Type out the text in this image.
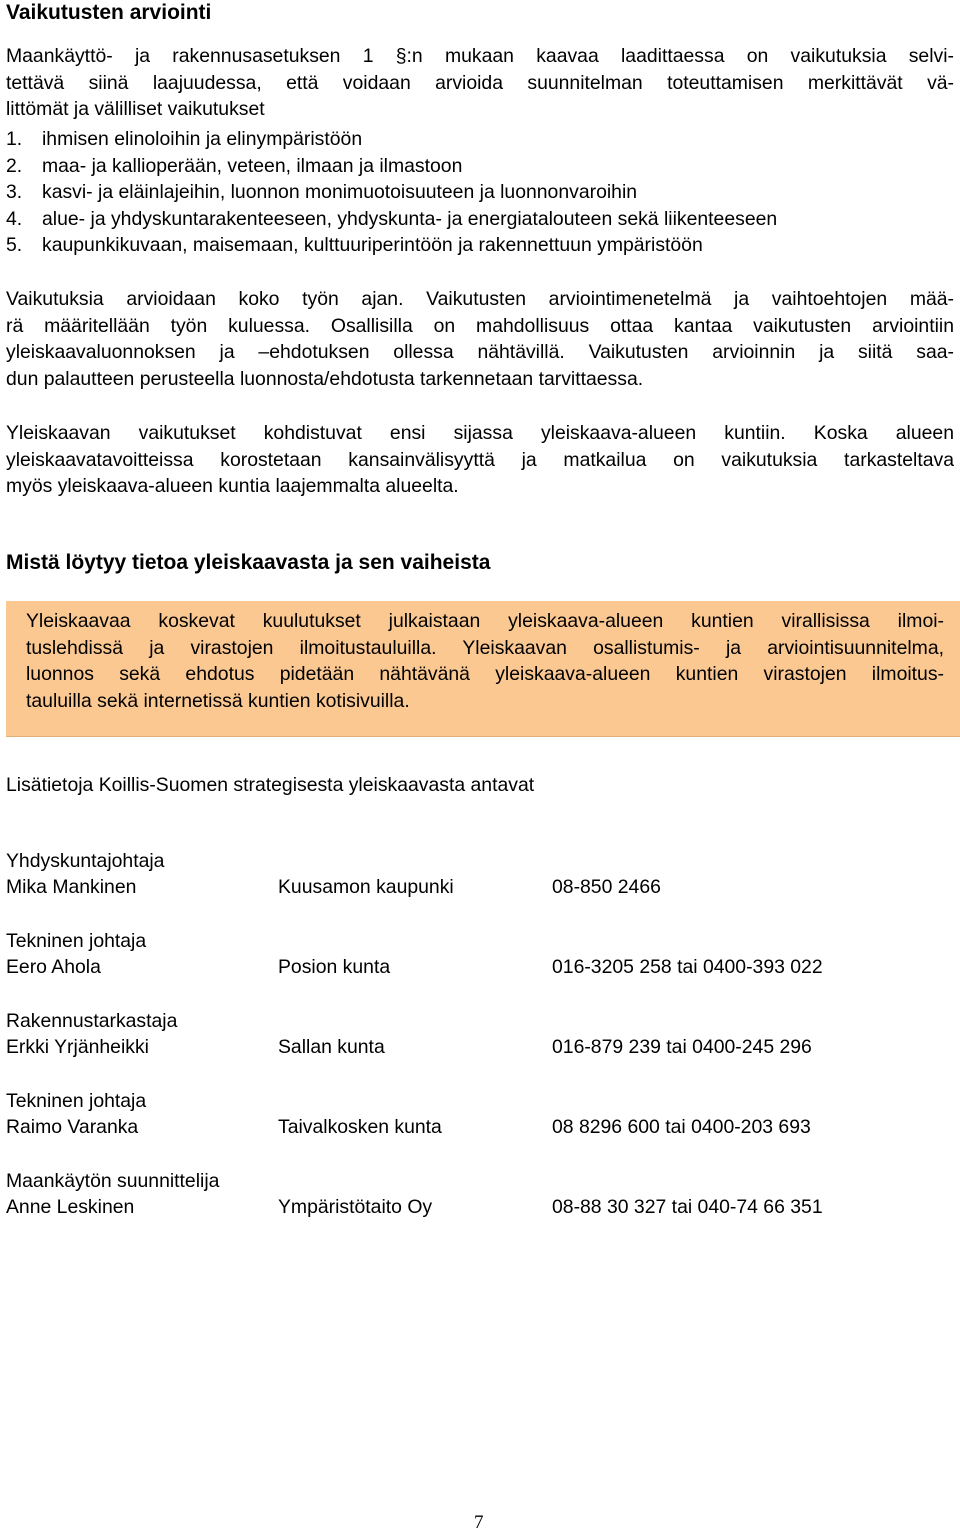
Vaikutusten arviointi

Maankäyttö- ja rakennusasetuksen 1 §:n mukaan kaavaa laadittaessa on vaikutuksia selvi-
tettävä siinä laajuudessa, että voidaan arvioida suunnitelman toteuttamisen merkittävät vä-
littömät ja välilliset vaikutukset

1. ihmisen elinoloihin ja elinympäristöön
2. maa- ja kallioperään, veteen, ilmaan ja ilmastoon
3. kasvi- ja eläinlajeihin, luonnon monimuotoisuuteen ja luonnonvaroihin
4. alue- ja yhdyskuntarakenteeseen, yhdyskunta- ja energiatalouteen sekä liikenteeseen
5. kaupunkikuvaan, maisemaan, kulttuuriperintöön ja rakennettuun ympäristöön

Vaikutuksia arvioidaan koko työn ajan. Vaikutusten arviointimenetelmä ja vaihtoehtojen mää-
rä määritellään työn kuluessa. Osallisilla on mahdollisuus ottaa kantaa vaikutusten arviointiin
yleiskaavaluonnoksen ja –ehdotuksen ollessa nähtävillä. Vaikutusten arvioinnin ja siitä saa-
dun palautteen perusteella luonnosta/ehdotusta tarkennetaan tarvittaessa.

Yleiskaavan vaikutukset kohdistuvat ensi sijassa yleiskaava-alueen kuntiin. Koska alueen
yleiskaavatavoitteissa korostetaan kansainvälisyyttä ja matkailua on vaikutuksia tarkasteltava
myös yleiskaava-alueen kuntia laajemmalta alueelta.

Mistä löytyy tietoa yleiskaavasta ja sen vaiheista

Yleiskaavaa koskevat kuulutukset julkaistaan yleiskaava-alueen kuntien virallisissa ilmoi-
tuslehdissä ja virastojen ilmoitustauluilla. Yleiskaavan osallistumis- ja arviointisuunnitelma,
luonnos sekä ehdotus pidetään nähtävänä yleiskaava-alueen kuntien virastojen ilmoitus-
tauluilla sekä internetissä kuntien kotisivuilla.

Lisätietoja Koillis-Suomen strategisesta yleiskaavasta antavat

Yhdyskuntajohtaja
Mika Mankinen	Kuusamon kaupunki	08-850 2466
Tekninen johtaja
Eero Ahola	Posion kunta	016-3205 258 tai 0400-393 022
Rakennustarkastaja
Erkki Yrjänheikki	Sallan kunta	016-879 239 tai 0400-245 296
Tekninen johtaja
Raimo Varanka	Taivalkosken kunta	08 8296 600 tai 0400-203 693
Maankäytön suunnittelija
Anne Leskinen	Ympäristötaito Oy	08-88 30 327 tai 040-74 66 351
7
